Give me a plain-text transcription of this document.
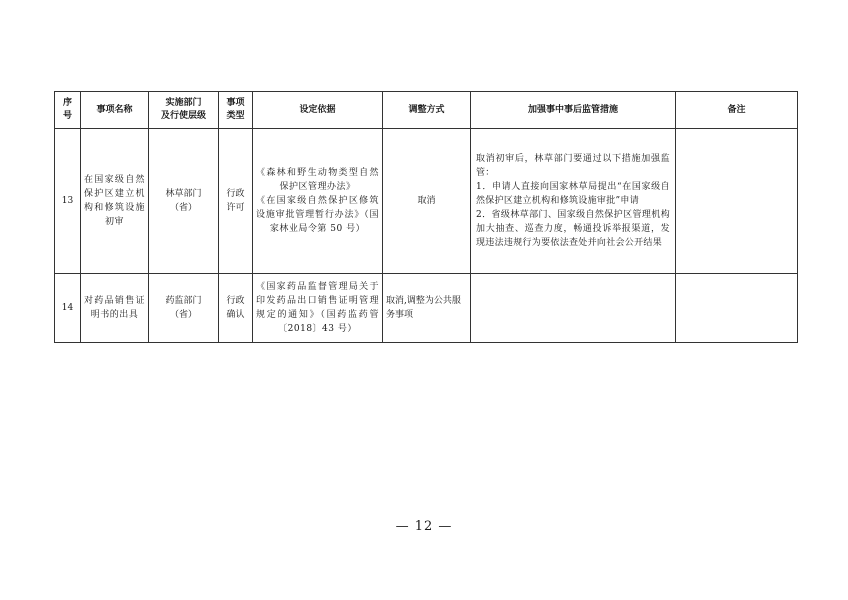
序
号	事项名称	实施部门
及行使层级	事项
类型	设定依据	调整方式	加强事中事后监管措施	备注
13	在国家级自然保护区建立机构和修筑设施初审	林草部门
（省）	行政
许可	《森林和野生动物类型自然保护区管理办法》
《在国家级自然保护区修筑设施审批管理暂行办法》（国家林业局令第 50 号）	取消	取消初审后，林草部门要通过以下措施加强监管：
1．申请人直接向国家林草局提出“在国家级自然保护区建立机构和修筑设施审批”申请
2．省级林草部门、国家级自然保护区管理机构加大抽查、巡查力度，畅通投诉举报渠道，发现违法违规行为要依法查处并向社会公开结果	

14	对药品销售证明书的出具	药监部门
（省）	行政
确认	《国家药品监督管理局关于印发药品出口销售证明管理规定的通知》（国药监药管〔2018〕43 号）	取消,调整为公共服务事项		
— 12 —
